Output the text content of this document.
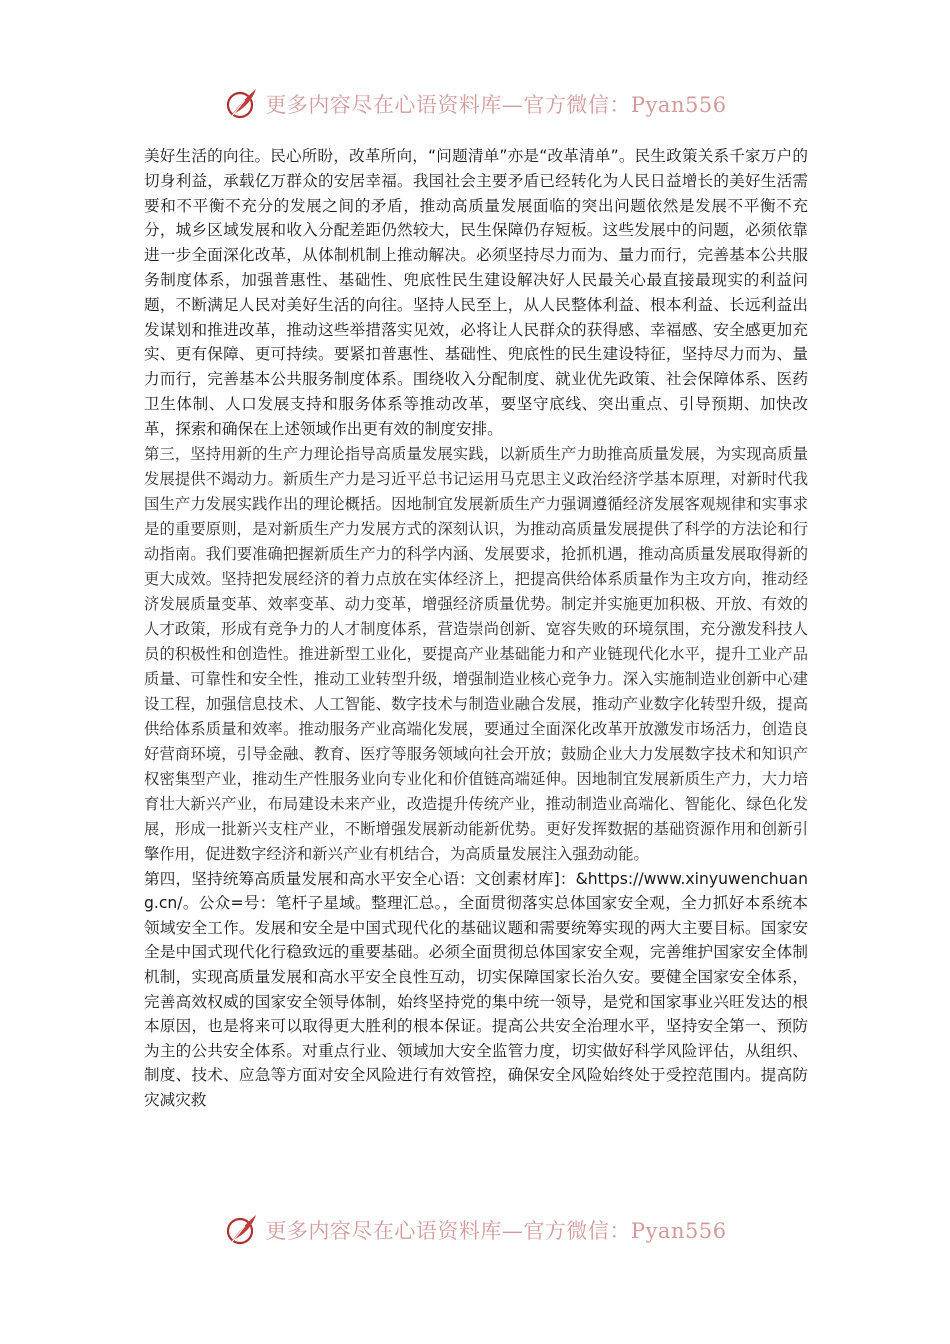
更多内容尽在心语资料库—官方微信：Pyan556

美好生活的向往。民心所盼，改革所向，“问题清单”亦是“改革清单”。民生政策关系千家万户的切身利益，承载亿万群众的安居幸福。我国社会主要矛盾已经转化为人民日益增长的美好生活需要和不平衡不充分的发展之间的矛盾，推动高质量发展面临的突出问题依然是发展不平衡不充分，城乡区域发展和收入分配差距仍然较大，民生保障仍存短板。这些发展中的问题，必须依靠进一步全面深化改革，从体制机制上推动解决。必须坚持尽力而为、量力而行，完善基本公共服务制度体系，加强普惠性、基础性、兜底性民生建设解决好人民最关心最直接最现实的利益问题，不断满足人民对美好生活的向往。坚持人民至上，从人民整体利益、根本利益、长远利益出发谋划和推进改革，推动这些举措落实见效，必将让人民群众的获得感、幸福感、安全感更加充实、更有保障、更可持续。要紧扣普惠性、基础性、兜底性的民生建设特征，坚持尽力而为、量力而行，完善基本公共服务制度体系。围绕收入分配制度、就业优先政策、社会保障体系、医药卫生体制、人口发展支持和服务体系等推动改革，要坚守底线、突出重点、引导预期、加快改革，探索和确保在上述领域作出更有效的制度安排。

第三，坚持用新的生产力理论指导高质量发展实践，以新质生产力助推高质量发展，为实现高质量发展提供不竭动力。新质生产力是习近平总书记运用马克思主义政治经济学基本原理，对新时代我国生产力发展实践作出的理论概括。因地制宜发展新质生产力强调遵循经济发展客观规律和实事求是的重要原则，是对新质生产力发展方式的深刻认识，为推动高质量发展提供了科学的方法论和行动指南。我们要准确把握新质生产力的科学内涵、发展要求，抢抓机遇，推动高质量发展取得新的更大成效。坚持把发展经济的着力点放在实体经济上，把提高供给体系质量作为主攻方向，推动经济发展质量变革、效率变革、动力变革，增强经济质量优势。制定并实施更加积极、开放、有效的人才政策，形成有竞争力的人才制度体系，营造崇尚创新、宽容失败的环境氛围，充分激发科技人员的积极性和创造性。推进新型工业化，要提高产业基础能力和产业链现代化水平，提升工业产品质量、可靠性和安全性，推动工业转型升级，增强制造业核心竞争力。深入实施制造业创新中心建设工程，加强信息技术、人工智能、数字技术与制造业融合发展，推动产业数字化转型升级，提高供给体系质量和效率。推动服务产业高端化发展，要通过全面深化改革开放激发市场活力，创造良好营商环境，引导金融、教育、医疗等服务领域向社会开放；鼓励企业大力发展数字技术和知识产权密集型产业，推动生产性服务业向专业化和价值链高端延伸。因地制宜发展新质生产力，大力培育壮大新兴产业，布局建设未来产业，改造提升传统产业，推动制造业高端化、智能化、绿色化发展，形成一批新兴支柱产业，不断增强发展新动能新优势。更好发挥数据的基础资源作用和创新引擎作用，促进数字经济和新兴产业有机结合，为高质量发展注入强劲动能。

第四，坚持统筹高质量发展和高水平安全心语：文创素材库]：&https://www.xinyuwenchuang.cn/。公众=号：笔杆子星域。整理汇总。，全面贯彻落实总体国家安全观，全力抓好本系统本领域安全工作。发展和安全是中国式现代化的基础议题和需要统筹实现的两大主要目标。国家安全是中国式现代化行稳致远的重要基础。必须全面贯彻总体国家安全观，完善维护国家安全体制机制，实现高质量发展和高水平安全良性互动，切实保障国家长治久安。要健全国家安全体系，完善高效权威的国家安全领导体制，始终坚持党的集中统一领导，是党和国家事业兴旺发达的根本原因，也是将来可以取得更大胜利的根本保证。提高公共安全治理水平，坚持安全第一、预防为主的公共安全体系。对重点行业、领域加大安全监管力度，切实做好科学风险评估，从组织、制度、技术、应急等方面对安全风险进行有效管控，确保安全风险始终处于受控范围内。提高防灾减灾救

更多内容尽在心语资料库—官方微信：Pyan556
